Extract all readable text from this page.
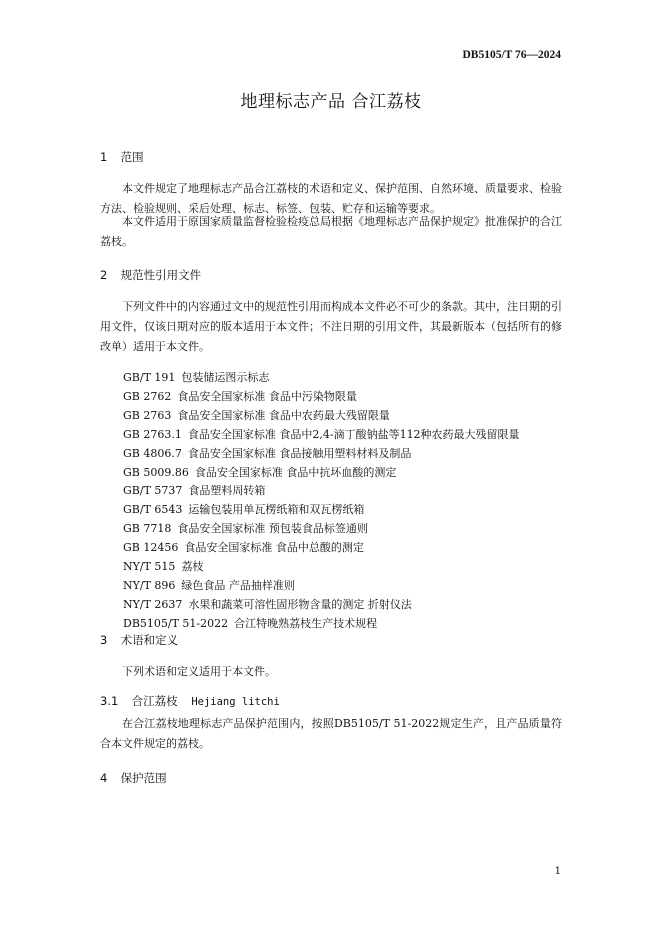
DB5105/T 76—2024
地理标志产品 合江荔枝
1 范围
本文件规定了地理标志产品合江荔枝的术语和定义、保护范围、自然环境、质量要求、检验方法、检验规则、采后处理、标志、标签、包装、贮存和运输等要求。
本文件适用于原国家质量监督检验检疫总局根据《地理标志产品保护规定》批准保护的合江荔枝。
2 规范性引用文件
下列文件中的内容通过文中的规范性引用而构成本文件必不可少的条款。其中，注日期的引用文件，仅该日期对应的版本适用于本文件；不注日期的引用文件，其最新版本（包括所有的修改单）适用于本文件。
GB/T 191 包装储运图示标志
GB 2762 食品安全国家标准 食品中污染物限量
GB 2763 食品安全国家标准 食品中农药最大残留限量
GB 2763.1 食品安全国家标准 食品中2,4-滴丁酸钠盐等112种农药最大残留限量
GB 4806.7 食品安全国家标准 食品接触用塑料材料及制品
GB 5009.86 食品安全国家标准 食品中抗坏血酸的测定
GB/T 5737 食品塑料周转箱
GB/T 6543 运输包装用单瓦楞纸箱和双瓦楞纸箱
GB 7718 食品安全国家标准 预包装食品标签通则
GB 12456 食品安全国家标准 食品中总酸的测定
NY/T 515 荔枝
NY/T 896 绿色食品 产品抽样准则
NY/T 2637 水果和蔬菜可溶性固形物含量的测定 折射仪法
DB5105/T 51-2022 合江特晚熟荔枝生产技术规程
3 术语和定义
下列术语和定义适用于本文件。
3.1 合江荔枝 Hejiang litchi
在合江荔枝地理标志产品保护范围内，按照DB5105/T 51-2022规定生产，且产品质量符合本文件规定的荔枝。
4 保护范围
1
